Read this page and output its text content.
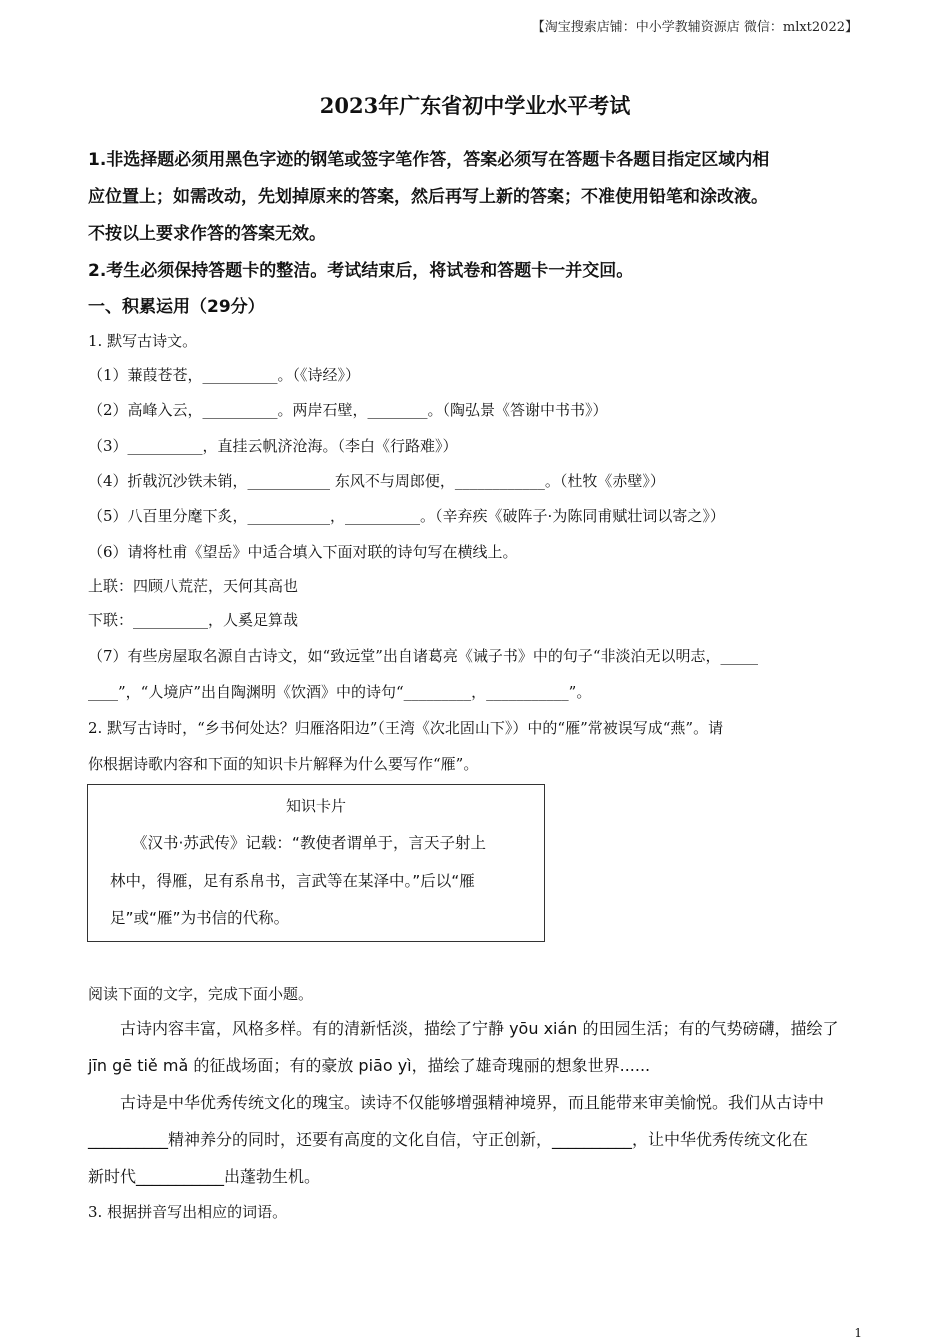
【淘宝搜索店铺：中小学教辅资源店 微信：mlxt2022】
2023年广东省初中学业水平考试
1.非选择题必须用黑色字迹的钢笔或签字笔作答，答案必须写在答题卡各题目指定区域内相
应位置上；如需改动，先划掉原来的答案，然后再写上新的答案；不准使用铅笔和涂改液。
不按以上要求作答的答案无效。
2.考生必须保持答题卡的整洁。考试结束后，将试卷和答题卡一并交回。
一、积累运用（29分）
1. 默写古诗文。
（1）蒹葭苍苍，__________。（《诗经》）
（2）高峰入云，__________。两岸石壁，________。（陶弘景《答谢中书书》）
（3）__________，直挂云帆济沧海。（李白《行路难》）
（4）折戟沉沙铁未销，___________ 东风不与周郎便，____________。（杜牧《赤壁》）
（5）八百里分麾下炙，___________，__________。（辛弃疾《破阵子·为陈同甫赋壮词以寄之》）
（6）请将杜甫《望岳》中适合填入下面对联的诗句写在横线上。
上联：四顾八荒茫，天何其高也
下联：__________，人奚足算哉
（7）有些房屋取名源自古诗文，如“致远堂”出自诸葛亮《诫子书》中的句子“非淡泊无以明志，_____
____”，“人境庐”出自陶渊明《饮酒》中的诗句“_________，___________”。
2. 默写古诗时，“乡书何处达？归雁洛阳边”（王湾《次北固山下》）中的“雁”常被误写成“燕”。请
你根据诗歌内容和下面的知识卡片解释为什么要写作“雁”。
知识卡片
《汉书·苏武传》记载：“教使者谓单于，言天子射上
林中，得雁，足有系帛书，言武等在某泽中。”后以“雁
足”或“雁”为书信的代称。
阅读下面的文字，完成下面小题。
古诗内容丰富，风格多样。有的清新恬淡，描绘了宁静 yōu xián 的田园生活；有的气势磅礴，描绘了
jīn gē tiě mǎ 的征战场面；有的豪放 piāo yì，描绘了雄奇瑰丽的想象世界......
古诗是中华优秀传统文化的瑰宝。读诗不仅能够增强精神境界，而且能带来审美愉悦。我们从古诗中
__________精神养分的同时，还要有高度的文化自信，守正创新，__________，让中华优秀传统文化在
新时代___________出蓬勃生机。
3. 根据拼音写出相应的词语。
1
